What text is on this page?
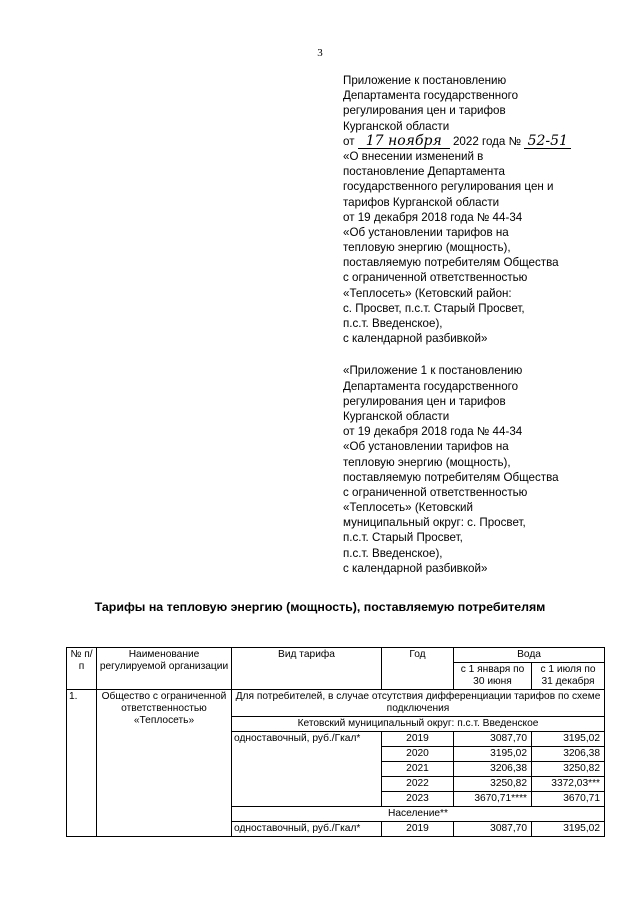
3
Приложение к постановлению
Департамента государственного
регулирования цен и тарифов
Курганской области
от 17 ноября 2022 года № 52-51
«О внесении изменений в
постановление Департамента
государственного регулирования цен и
тарифов Курганской области
от 19 декабря 2018 года № 44-34
«Об установлении тарифов на
тепловую энергию (мощность),
поставляемую потребителям Общества
с ограниченной ответственностью
«Теплосеть» (Кетовский район:
с. Просвет, п.с.т. Старый Просвет,
п.с.т. Введенское),
с календарной разбивкой»
«Приложение 1 к постановлению
Департамента государственного
регулирования цен и тарифов
Курганской области
от 19 декабря 2018 года № 44-34
«Об установлении тарифов на
тепловую энергию (мощность),
поставляемую потребителям Общества
с ограниченной ответственностью
«Теплосеть» (Кетовский
муниципальный округ: с. Просвет,
п.с.т. Старый Просвет,
п.с.т. Введенское),
с календарной разбивкой»
Тарифы на тепловую энергию (мощность), поставляемую потребителям
№ п/п	Наименование регулируемой организации	Вид тарифа	Год	Вода	
				с 1 января по 30 июня	с 1 июля по 31 декабря
1.	Общество с ограниченной ответственностью «Теплосеть»	Для потребителей, в случае отсутствия дифференциации тарифов по схеме подключения			
		Кетовский муниципальный округ: п.с.т. Введенское			
		одноставочный, руб./Гкал*	2019	3087,70	3195,02
			2020	3195,02	3206,38
			2021	3206,38	3250,82
			2022	3250,82	3372,03***
			2023	3670,71****	3670,71
		Население**			
		одноставочный, руб./Гкал*	2019	3087,70	3195,02
